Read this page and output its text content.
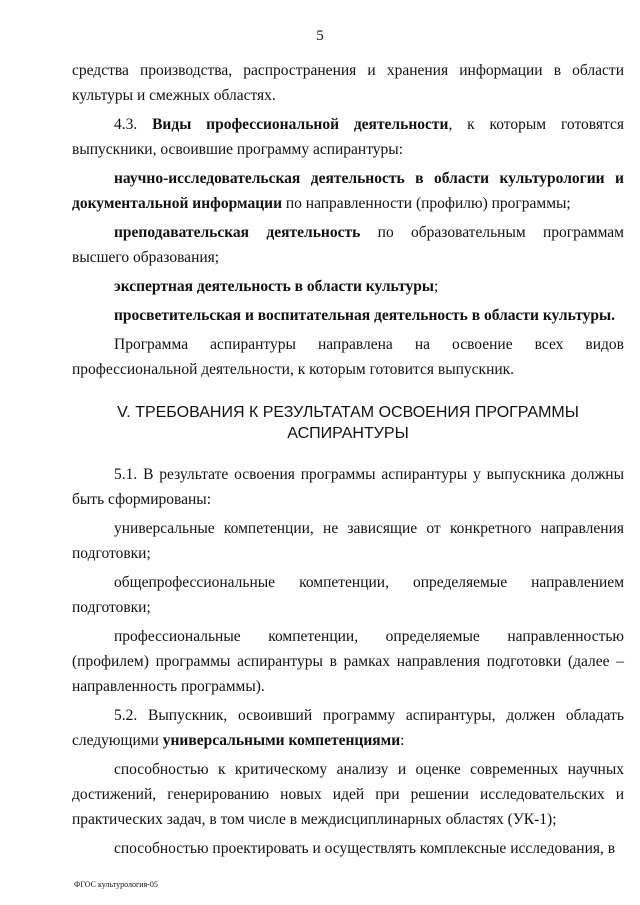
5

средства производства, распространения и хранения информации в области культуры и смежных областях.

4.3. Виды профессиональной деятельности, к которым готовятся выпускники, освоившие программу аспирантуры:

научно-исследовательская деятельность в области культурологии и документальной информации по направленности (профилю) программы;

преподавательская деятельность по образовательным программам высшего образования;

экспертная деятельность в области культуры;

просветительская и воспитательная деятельность в области культуры.

Программа аспирантуры направлена на освоение всех видов профессиональной деятельности, к которым готовится выпускник.

V. ТРЕБОВАНИЯ К РЕЗУЛЬТАТАМ ОСВОЕНИЯ ПРОГРАММЫ
АСПИРАНТУРЫ

5.1. В результате освоения программы аспирантуры у выпускника должны быть сформированы:

универсальные компетенции, не зависящие от конкретного направления подготовки;

общепрофессиональные компетенции, определяемые направлением подготовки;

профессиональные компетенции, определяемые направленностью (профилем) программы аспирантуры в рамках направления подготовки (далее – направленность программы).

5.2. Выпускник, освоивший программу аспирантуры, должен обладать следующими универсальными компетенциями:

способностью к критическому анализу и оценке современных научных достижений, генерированию новых идей при решении исследовательских и практических задач, в том числе в междисциплинарных областях (УК-1);

способностью проектировать и осуществлять комплексные исследования, в

ФГОС культурология-05
